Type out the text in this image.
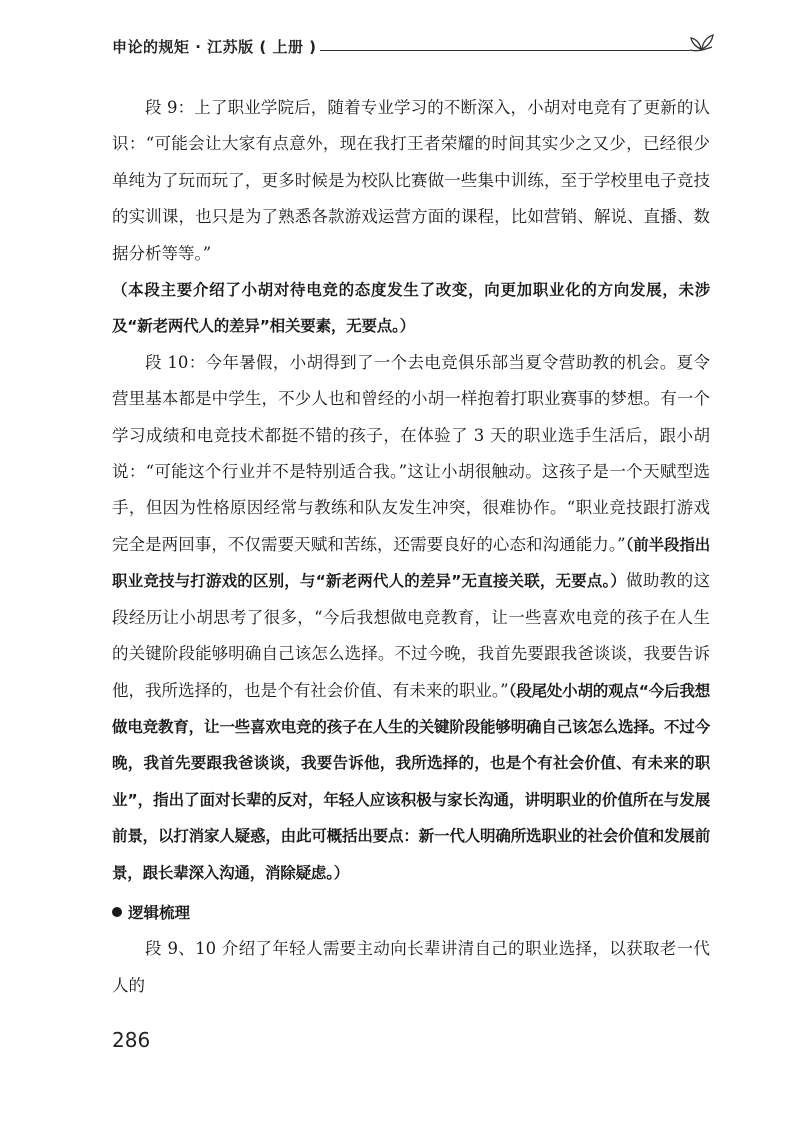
申论的规矩 · 江苏版 ( 上册 )

段 9：上了职业学院后，随着专业学习的不断深入，小胡对电竞有了更新的认识：“可能会让大家有点意外，现在我打王者荣耀的时间其实少之又少，已经很少单纯为了玩而玩了，更多时候是为校队比赛做一些集中训练，至于学校里电子竞技的实训课，也只是为了熟悉各款游戏运营方面的课程，比如营销、解说、直播、数据分析等等。”

（本段主要介绍了小胡对待电竞的态度发生了改变，向更加职业化的方向发展，未涉及“新老两代人的差异”相关要素，无要点。）

段 10：今年暑假，小胡得到了一个去电竞俱乐部当夏令营助教的机会。夏令营里基本都是中学生，不少人也和曾经的小胡一样抱着打职业赛事的梦想。有一个学习成绩和电竞技术都挺不错的孩子，在体验了 3 天的职业选手生活后，跟小胡说：“可能这个行业并不是特别适合我。”这让小胡很触动。这孩子是一个天赋型选手，但因为性格原因经常与教练和队友发生冲突，很难协作。“职业竞技跟打游戏完全是两回事，不仅需要天赋和苦练，还需要良好的心态和沟通能力。”（前半段指出职业竞技与打游戏的区别，与“新老两代人的差异”无直接关联，无要点。）做助教的这段经历让小胡思考了很多，“今后我想做电竞教育，让一些喜欢电竞的孩子在人生的关键阶段能够明确自己该怎么选择。不过今晚，我首先要跟我爸谈谈，我要告诉他，我所选择的，也是个有社会价值、有未来的职业。”（段尾处小胡的观点“今后我想做电竞教育，让一些喜欢电竞的孩子在人生的关键阶段能够明确自己该怎么选择。不过今晚，我首先要跟我爸谈谈，我要告诉他，我所选择的，也是个有社会价值、有未来的职业”，指出了面对长辈的反对，年轻人应该积极与家长沟通，讲明职业的价值所在与发展前景，以打消家人疑惑，由此可概括出要点：新一代人明确所选职业的社会价值和发展前景，跟长辈深入沟通，消除疑虑。）

逻辑梳理

段 9、10 介绍了年轻人需要主动向长辈讲清自己的职业选择，以获取老一代人的

286
